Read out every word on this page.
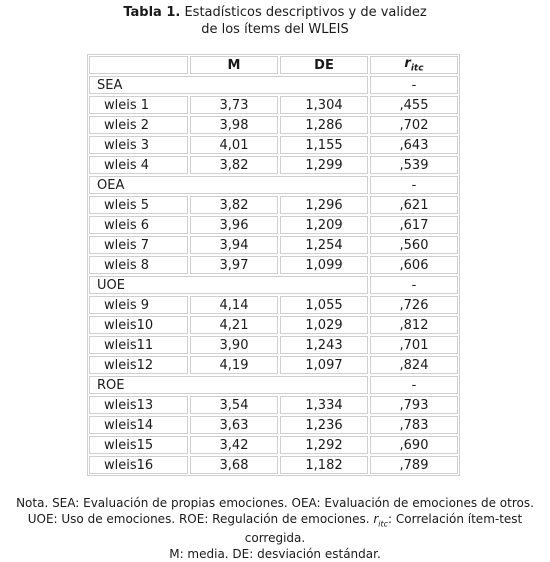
Tabla 1. Estadísticos descriptivos y de validez
de los ítems del WLEIS
	M	DE	$r_{itc}$
SEA			-
wleis 1	3,73	1,304	,455
wleis 2	3,98	1,286	,702
wleis 3	4,01	1,155	,643
wleis 4	3,82	1,299	,539
OEA			-
wleis 5	3,82	1,296	,621
wleis 6	3,96	1,209	,617
wleis 7	3,94	1,254	,560
wleis 8	3,97	1,099	,606
UOE			-
wleis 9	4,14	1,055	,726
wleis10	4,21	1,029	,812
wleis11	3,90	1,243	,701
wleis12	4,19	1,097	,824
ROE			-
wleis13	3,54	1,334	,793
wleis14	3,63	1,236	,783
wleis15	3,42	1,292	,690
wleis16	3,68	1,182	,789
Nota. SEA: Evaluación de propias emociones. OEA: Evaluación de emociones de otros.
UOE: Uso de emociones. ROE: Regulación de emociones. $r_{itc}$: Correlación ítem-test corregida.
M: media. DE: desviación estándar.
